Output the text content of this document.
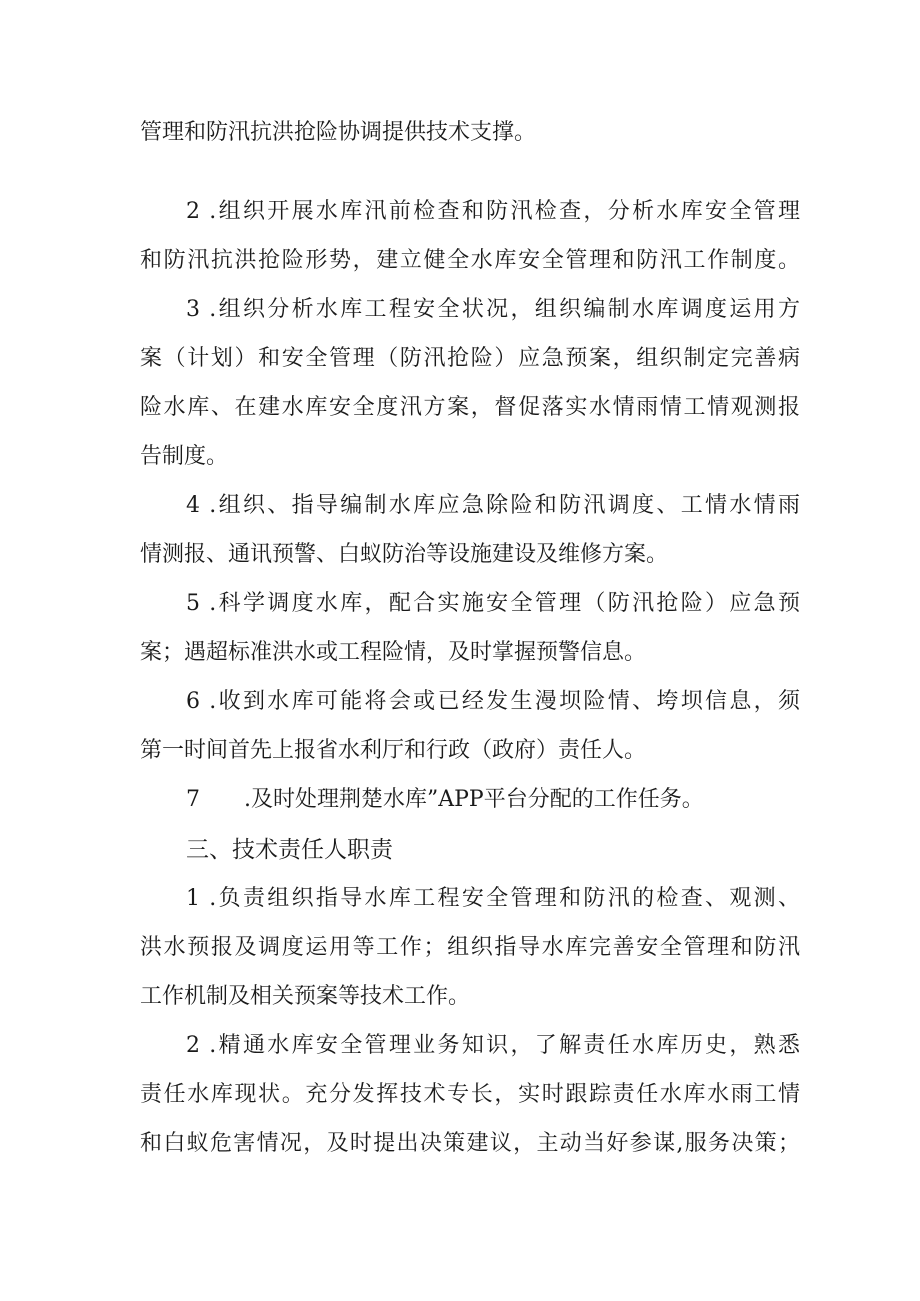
管理和防汛抗洪抢险协调提供技术支撑。
2 .组织开展水库汛前检查和防汛检查，分析水库安全管理
和防汛抗洪抢险形势，建立健全水库安全管理和防汛工作制度。
3 .组织分析水库工程安全状况，组织编制水库调度运用方
案（计划）和安全管理（防汛抢险）应急预案，组织制定完善病
险水库、在建水库安全度汛方案，督促落实水情雨情工情观测报
告制度。
4 .组织、指导编制水库应急除险和防汛调度、工情水情雨
情测报、通讯预警、白蚁防治等设施建设及维修方案。
5 .科学调度水库，配合实施安全管理（防汛抢险）应急预
案；遇超标准洪水或工程险情，及时掌握预警信息。
6 .收到水库可能将会或已经发生漫坝险情、垮坝信息，须
第一时间首先上报省水利厅和行政（政府）责任人。
7　　.及时处理荆楚水库”APP平台分配的工作任务。
三、技术责任人职责
1 .负责组织指导水库工程安全管理和防汛的检查、观测、
洪水预报及调度运用等工作；组织指导水库完善安全管理和防汛
工作机制及相关预案等技术工作。
2 .精通水库安全管理业务知识，了解责任水库历史，熟悉
责任水库现状。充分发挥技术专长，实时跟踪责任水库水雨工情
和白蚁危害情况，及时提出决策建议，主动当好参谋,服务决策；
